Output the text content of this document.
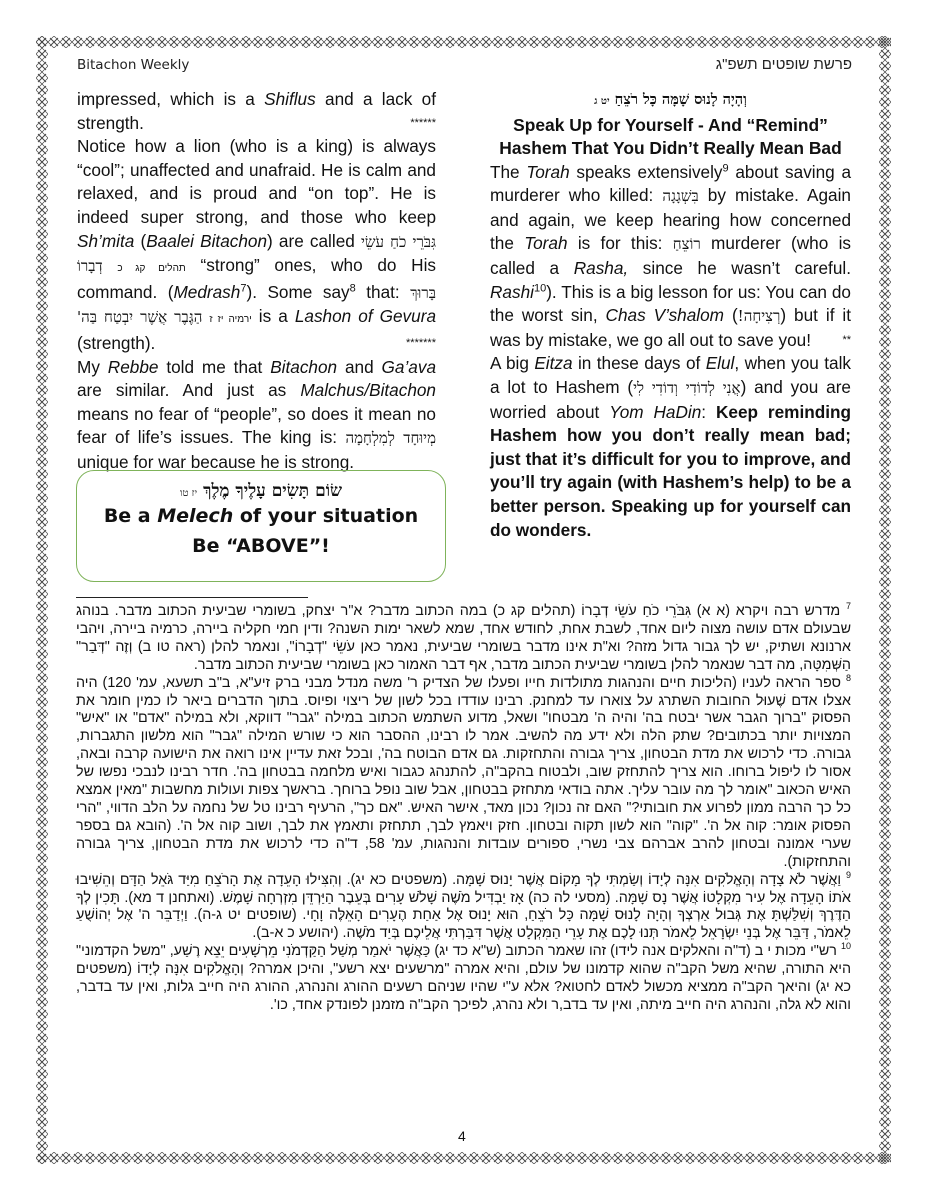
Bitachon Weekly	פרשת שופטים תשפ"ג

impressed, which is a Shiflus and a lack of strength.	******

Notice how a lion (who is a king) is always “cool”; unaffected and unafraid. He is calm and relaxed, and is proud and “on top”. He is indeed super strong, and those who keep Sh’mita (Baalei Bitachon) are called גִּבֹּרֵי כֹחַ עֹשֵׂי דְבָרוֹ תהלים קג כ “strong” ones, who do His command. (Medrash$^7$). Some say$^8$ that: בָּרוּךְ הַגֶּבֶר אֲשֶׁר יִבְטַח בַּה' ירמיה יז ז is a Lashon of Gevura (strength).	*******

My Rebbe told me that Bitachon and Ga’ava are similar. And just as Malchus/Bitachon means no fear of “people”, so does it mean no fear of life’s issues. The king is: מְיוּחָד לְמִלְחָמָה unique for war because he is strong.

שׂוֹם תָּשִׂים עָלֶיךָ מֶלֶךְיז טו
Be a Melech of your situation
Be “ABOVE”!
וְהָיָה לָנוּס שָׁמָּה כָּל רֹצֵחַ יט ג
Speak Up for Yourself - And “Remind”
Hashem That You Didn’t Really Mean Bad

The Torah speaks extensively$^9$ about saving a murderer who killed: בִּשְׁגָגָה by mistake. Again and again, we keep hearing how concerned the Torah is for this: רוֹצֵחַ murderer (who is called a Rasha, since he wasn’t careful. Rashi$^{10}$). This is a big lesson for us: You can do the worst sin, Chas V’shalom (רְצִיחָה!) but if it was by mistake, we go all out to save you!	**

A big Eitza in these days of Elul, when you talk a lot to Hashem (אֲנִי לְדוֹדִי וְדוֹדִי לִי) and you are worried about Yom HaDin: Keep reminding Hashem how you don’t really mean bad; just that it’s difficult for you to improve, and you’ll try again (with Hashem’s help) to be a better person. Speaking up for yourself can do wonders.

$^7$ מדרש רבה ויקרא (א א) גִּבֹּרֵי כֹחַ עֹשֵׂי דְבָרוֹ (תהלים קג כ) במה הכתוב מדבר? א"ר יצחק, בשומרי שביעית הכתוב מדבר. בנוהג שבעולם אדם עושה מצוה ליום אחד, לשבת אחת, לחודש אחד, שמא לשאר ימות השנה? ודין חמי חקליה ביירה, כרמיה ביירה, ויהבי ארנונא ושתיק, יש לך גבור גדול מזה? וא"ת אינו מדבר בשומרי שביעית, נאמר כאן עֹשֵׂי "דְבָרוֹ", ונאמר להלן (ראה טו ב) וְזֶה "דְּבַר" הַשְּׁמִטָּה, מה דבר שנאמר להלן בשומרי שביעית הכתוב מדבר, אף דבר האמור כאן בשומרי שביעית הכתוב מדבר.

$^8$ ספר הראה לעניו (הליכות חיים והנהגות מתולדות חייו ופעלו של הצדיק ר' משה מנדל מבני ברק זיע"א, ב"ב תשעא, עמ' 120) היה אצלו אדם שֶׁעוּל החובות השתרג על צוארו עד למחנק. רבינו עודדו בכל לשון של ריצוי ופיוס. בתוך הדברים ביאר לו כמין חומר את הפסוק "ברוך הגבר אשר יבטח בה' והיה ה' מבטחו" ושאל, מדוע השתמש הכתוב במילה "גבר" דווקא, ולא במילה "אדם" או "איש" המצויות יותר בכתובים? שתק הלה ולא ידע מה להשיב. אמר לו רבינו, ההסבר הוא כי שורש המילה "גבר" הוא מלשון התגברות, גבורה. כדי לרכוש את מדת הבטחון, צריך גבורה והתחזקות. גם אדם הבוטח בה', ובכל זאת עדיין אינו רואה את הישועה קרבה ובאה, אסור לו ליפול ברוחו. הוא צריך להתחזק שוב, ולבטוח בהקב"ה, להתנהג כגבור ואיש מלחמה בבטחון בה'. חדר רבינו לנבכי נפשו של האיש הכאוב "אומר לך מה עובר עליך. אתה בודאי מתחזק בבטחון, אבל שוב נופל ברוחך. בראשך צפות ועולות מחשבות "מאין אמצא כל כך הרבה ממון לפרוע את חובותי?" האם זה נכון? נכון מאד, אישר האיש. "אם כך", הרעיף רבינו טל של נחמה על הלב הדווי, "הרי הפסוק אומר: קוה אל ה'. "קוה" הוא לשון תקוה ובטחון. חזק ויאמץ לבך, תתחזק ותאמץ את לבך, ושוב קוה אל ה'. (הובא גם בספר שערי אמונה ובטחון להרב אברהם צבי נשרי, ספורים עובדות והנהגות, עמ' 58, ד"ה כדי לרכוש את מדת הבטחון, צריך גבורה והתחזקות).

$^9$ וַאֲשֶׁר לֹא צָדָה וְהָאֱלֹקִים אִנָּה לְיָדוֹ וְשַׂמְתִּי לְךָ מָקוֹם אֲשֶׁר יָנוּס שָׁמָּה. (משפטים כא יג). וְהִצִּילוּ הָעֵדָה אֶת הָרֹצֵחַ מִיַּד גֹּאֵל הַדָּם וְהֵשִׁיבוּ אֹתוֹ הָעֵדָה אֶל עִיר מִקְלָטוֹ אֲשֶׁר נָס שָׁמָּה. (מסעי לה כה) אָז יַבְדִּיל מֹשֶׁה שָׁלֹשׁ עָרִים בְּעֵבֶר הַיַּרְדֵּן מִזְרְחָה שָׁמֶשׁ. (ואתחנן ד מא). תָּכִין לְךָ הַדֶּרֶךְ וְשִׁלַּשְׁתָּ אֶת גְּבוּל אַרְצְךָ וְהָיָה לָנוּס שָׁמָּה כָּל רֹצֵחַ, הוּא יָנוּס אֶל אַחַת הֶעָרִים הָאֵלֶּה וָחָי. (שופטים יט ג-ה). וַיְדַבֵּר ה' אֶל יְהוֹשֻׁעַ לֵאמֹר, דַּבֵּר אֶל בְּנֵי יִשְׂרָאֵל לֵאמֹר תְּנוּ לָכֶם אֶת עָרֵי הַמִּקְלָט אֲשֶׁר דִּבַּרְתִּי אֲלֵיכֶם בְּיַד מֹשֶׁה. (יהושע כ א-ב).

$^{10}$ רש"י מכות י ב (ד"ה והאלקים אנה לידו) זהו שאמר הכתוב (ש"א כד יג) כַּאֲשֶׁר יֹאמַר מְשַׁל הַקַּדְמֹנִי מֵרְשָׁעִים יֵצֵא רֶשַׁע, "משל הקדמוני" היא התורה, שהיא משל הקב"ה שהוא קדמונו של עולם, והיא אמרה "מרשעים יצא רשע", והיכן אמרה? וְהָאֱלֹקִים אִנָּה לְיָדוֹ (משפטים כא יג) והיאך הקב"ה ממציא מכשול לאדם לחטוא? אלא ע"י שהיו שניהם רשעים ההורג והנהרג, ההורג היה חייב גלות, ואין עד בדבר, והוא לא גלה, והנהרג היה חייב מיתה, ואין עד בדב,ר ולא נהרג, לפיכך הקב"ה מזמנן לפונדק אחד, כו'.

4
